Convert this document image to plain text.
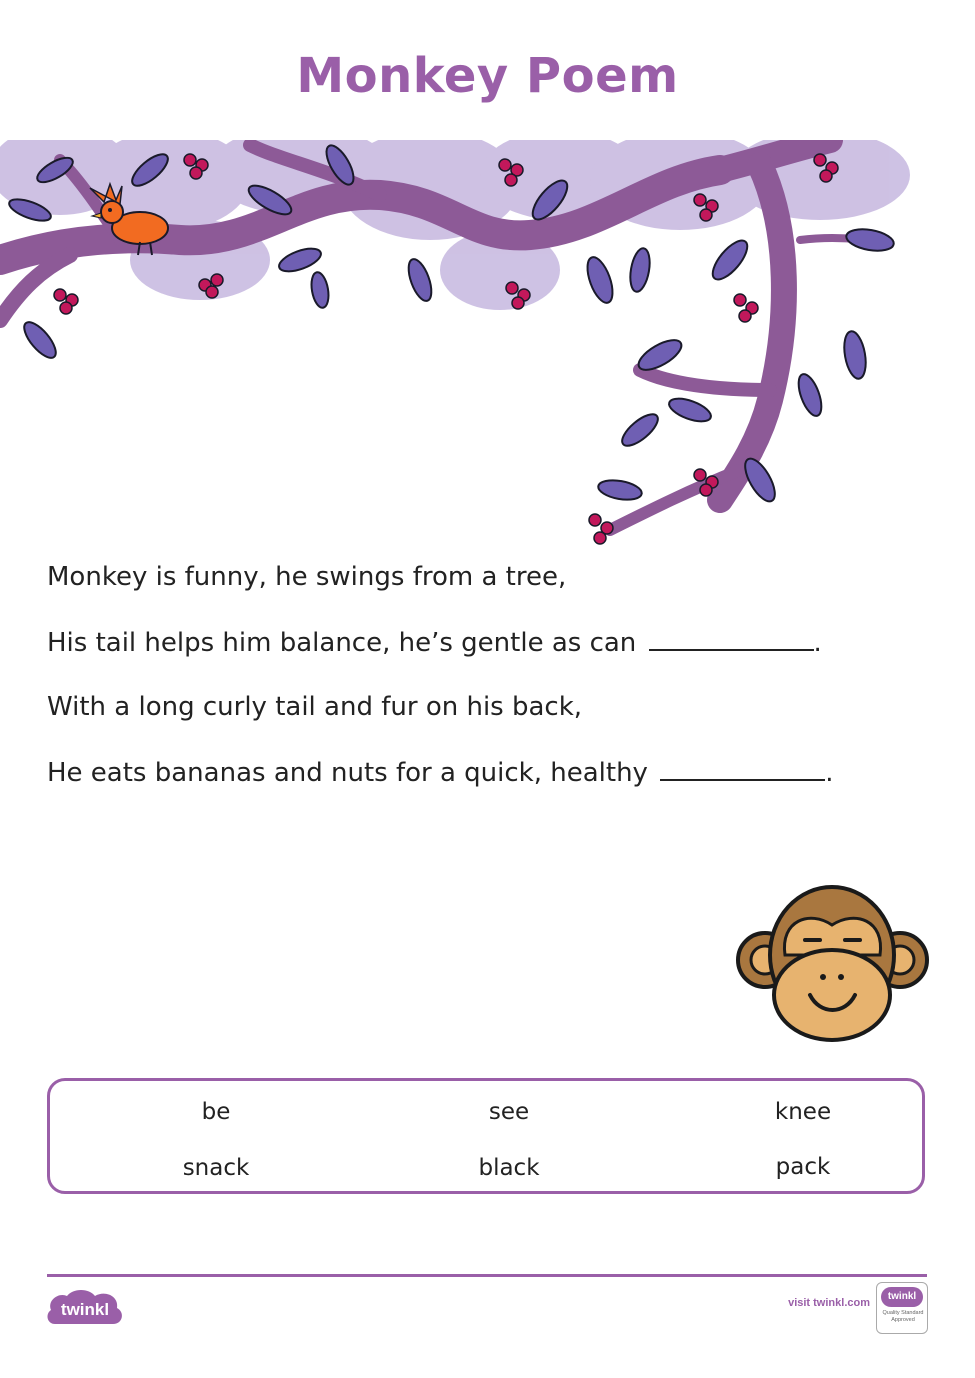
Monkey Poem
Monkey is funny, he swings from a tree,
His tail helps him balance, he’s gentle as can	.
With a long curly tail and fur on his back,
He eats bananas and nuts for a quick, healthy	.
be	see	knee
snack	black	pack
twinkl	visit twinkl.com
twinkl
Quality Standard Approved
